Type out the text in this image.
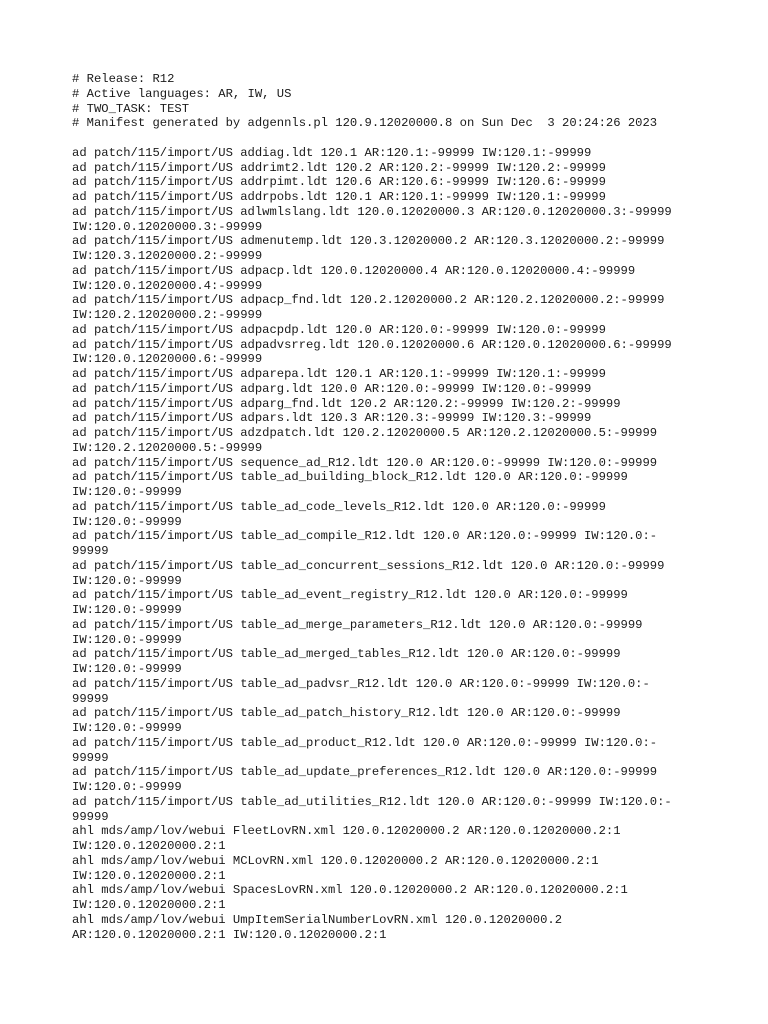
# Release: R12
# Active languages: AR, IW, US
# TWO_TASK: TEST
# Manifest generated by adgennls.pl 120.9.12020000.8 on Sun Dec  3 20:24:26 2023
ad patch/115/import/US addiag.ldt 120.1 AR:120.1:-99999 IW:120.1:-99999
ad patch/115/import/US addrimt2.ldt 120.2 AR:120.2:-99999 IW:120.2:-99999
ad patch/115/import/US addrpimt.ldt 120.6 AR:120.6:-99999 IW:120.6:-99999
ad patch/115/import/US addrpobs.ldt 120.1 AR:120.1:-99999 IW:120.1:-99999
ad patch/115/import/US adlwmlslang.ldt 120.0.12020000.3 AR:120.0.12020000.3:-99999
IW:120.0.12020000.3:-99999
ad patch/115/import/US admenutemp.ldt 120.3.12020000.2 AR:120.3.12020000.2:-99999
IW:120.3.12020000.2:-99999
ad patch/115/import/US adpacp.ldt 120.0.12020000.4 AR:120.0.12020000.4:-99999
IW:120.0.12020000.4:-99999
ad patch/115/import/US adpacp_fnd.ldt 120.2.12020000.2 AR:120.2.12020000.2:-99999
IW:120.2.12020000.2:-99999
ad patch/115/import/US adpacpdp.ldt 120.0 AR:120.0:-99999 IW:120.0:-99999
ad patch/115/import/US adpadvsrreg.ldt 120.0.12020000.6 AR:120.0.12020000.6:-99999
IW:120.0.12020000.6:-99999
ad patch/115/import/US adparepa.ldt 120.1 AR:120.1:-99999 IW:120.1:-99999
ad patch/115/import/US adparg.ldt 120.0 AR:120.0:-99999 IW:120.0:-99999
ad patch/115/import/US adparg_fnd.ldt 120.2 AR:120.2:-99999 IW:120.2:-99999
ad patch/115/import/US adpars.ldt 120.3 AR:120.3:-99999 IW:120.3:-99999
ad patch/115/import/US adzdpatch.ldt 120.2.12020000.5 AR:120.2.12020000.5:-99999
IW:120.2.12020000.5:-99999
ad patch/115/import/US sequence_ad_R12.ldt 120.0 AR:120.0:-99999 IW:120.0:-99999
ad patch/115/import/US table_ad_building_block_R12.ldt 120.0 AR:120.0:-99999
IW:120.0:-99999
ad patch/115/import/US table_ad_code_levels_R12.ldt 120.0 AR:120.0:-99999
IW:120.0:-99999
ad patch/115/import/US table_ad_compile_R12.ldt 120.0 AR:120.0:-99999 IW:120.0:-
99999
ad patch/115/import/US table_ad_concurrent_sessions_R12.ldt 120.0 AR:120.0:-99999
IW:120.0:-99999
ad patch/115/import/US table_ad_event_registry_R12.ldt 120.0 AR:120.0:-99999
IW:120.0:-99999
ad patch/115/import/US table_ad_merge_parameters_R12.ldt 120.0 AR:120.0:-99999
IW:120.0:-99999
ad patch/115/import/US table_ad_merged_tables_R12.ldt 120.0 AR:120.0:-99999
IW:120.0:-99999
ad patch/115/import/US table_ad_padvsr_R12.ldt 120.0 AR:120.0:-99999 IW:120.0:-
99999
ad patch/115/import/US table_ad_patch_history_R12.ldt 120.0 AR:120.0:-99999
IW:120.0:-99999
ad patch/115/import/US table_ad_product_R12.ldt 120.0 AR:120.0:-99999 IW:120.0:-
99999
ad patch/115/import/US table_ad_update_preferences_R12.ldt 120.0 AR:120.0:-99999
IW:120.0:-99999
ad patch/115/import/US table_ad_utilities_R12.ldt 120.0 AR:120.0:-99999 IW:120.0:-
99999
ahl mds/amp/lov/webui FleetLovRN.xml 120.0.12020000.2 AR:120.0.12020000.2:1
IW:120.0.12020000.2:1
ahl mds/amp/lov/webui MCLovRN.xml 120.0.12020000.2 AR:120.0.12020000.2:1
IW:120.0.12020000.2:1
ahl mds/amp/lov/webui SpacesLovRN.xml 120.0.12020000.2 AR:120.0.12020000.2:1
IW:120.0.12020000.2:1
ahl mds/amp/lov/webui UmpItemSerialNumberLovRN.xml 120.0.12020000.2
AR:120.0.12020000.2:1 IW:120.0.12020000.2:1
